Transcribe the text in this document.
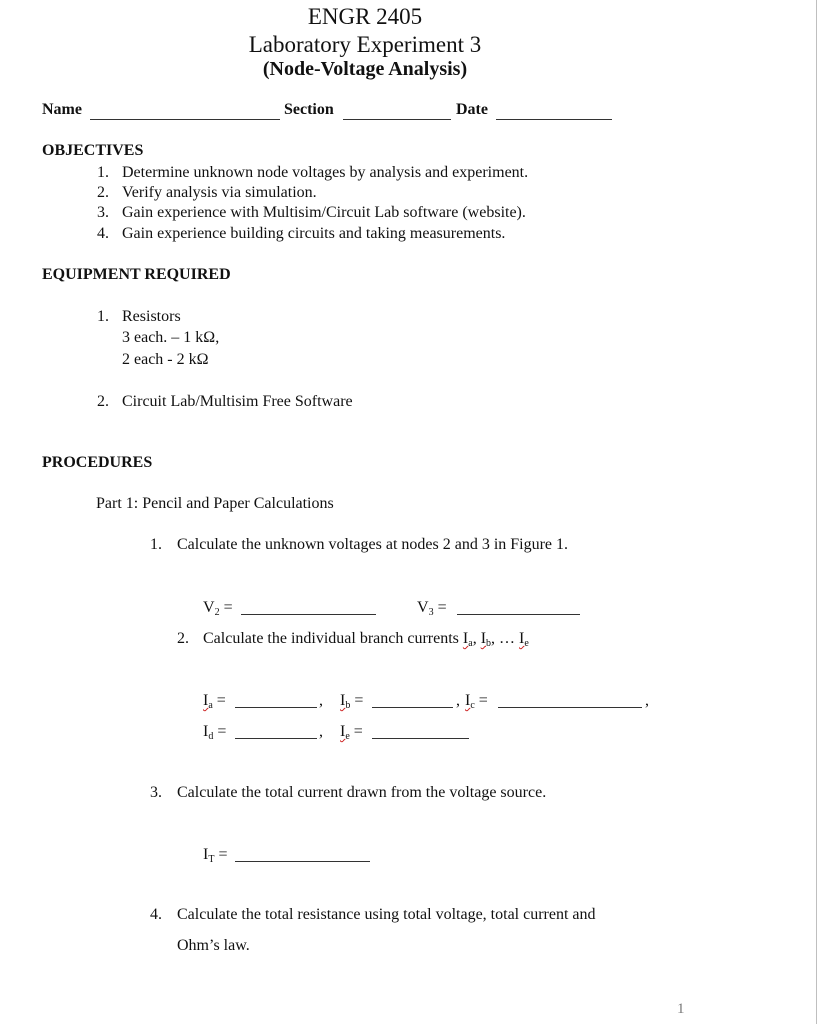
ENGR 2405
Laboratory Experiment 3
(Node-Voltage Analysis)
Name	Section	Date
OBJECTIVES
1. Determine unknown node voltages by analysis and experiment.
2. Verify analysis via simulation.
3. Gain experience with Multisim/Circuit Lab software (website).
4. Gain experience building circuits and taking measurements.
EQUIPMENT REQUIRED
1. Resistors
3 each. – 1 kΩ,
2 each - 2 kΩ
2. Circuit Lab/Multisim Free Software
PROCEDURES
Part 1: Pencil and Paper Calculations
1. Calculate the unknown voltages at nodes 2 and 3 in Figure 1.
$V_2$ =	$V_3$ =
2. Calculate the individual branch currents $I_a$, $I_b$, … $I_e$
$I_a$ =	, $I_b$ =	, $I_c$ =	,
$I_d$ =	, $I_e$ =
3. Calculate the total current drawn from the voltage source.
$I_T$ =
4. Calculate the total resistance using total voltage, total current and
Ohm’s law.
1
